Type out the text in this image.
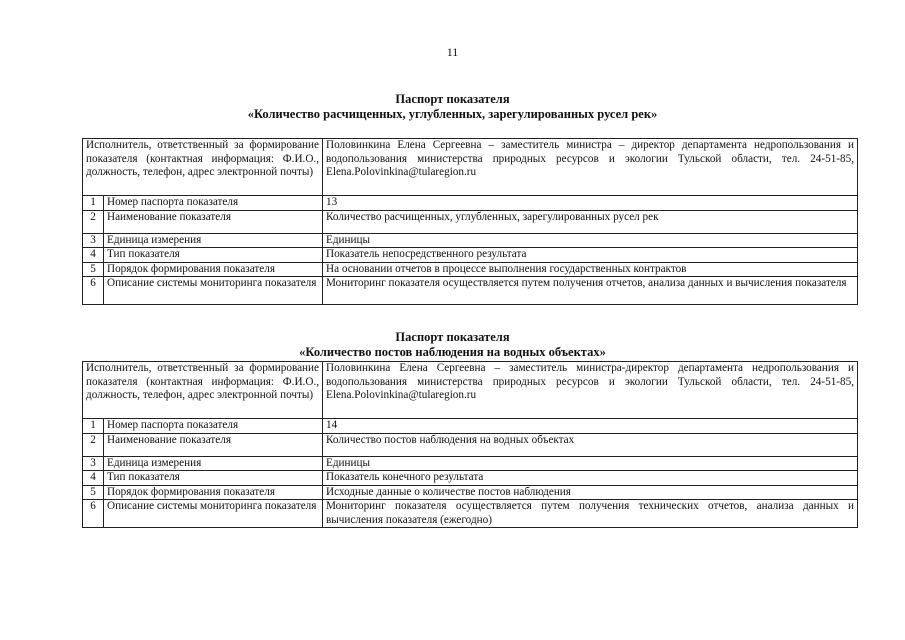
11
Паспорт показателя
«Количество расчищенных, углубленных, зарегулированных русел рек»
Исполнитель, ответственный за формирование показателя (контактная информация: Ф.И.О., должность, телефон, адрес электронной почты)		Половинкина Елена Сергеевна – заместитель министра – директор департамента недропользования и водопользования министерства природных ресурсов и экологии Тульской области, тел. 24-51-85, Elena.Polovinkina@tularegion.ru
1	Номер паспорта показателя	13
2	Наименование показателя	Количество расчищенных, углубленных, зарегулированных русел рек
3	Единица измерения	Единицы
4	Тип показателя	Показатель непосредственного результата
5	Порядок формирования показателя	На основании отчетов в процессе выполнения государственных контрактов
6	Описание системы мониторинга показателя	Мониторинг показателя осуществляется путем получения отчетов, анализа данных и вычисления показателя
Паспорт показателя
«Количество постов наблюдения на водных объектах»
Исполнитель, ответственный за формирование показателя (контактная информация: Ф.И.О., должность, телефон, адрес электронной почты)		Половинкина Елена Сергеевна – заместитель министра-директор департамента недропользования и водопользования министерства природных ресурсов и экологии Тульской области, тел. 24-51-85, Elena.Polovinkina@tularegion.ru
1	Номер паспорта показателя	14
2	Наименование показателя	Количество постов наблюдения на водных объектах
3	Единица измерения	Единицы
4	Тип показателя	Показатель конечного результата
5	Порядок формирования показателя	Исходные данные о количестве постов наблюдения
6	Описание системы мониторинга показателя	Мониторинг показателя осуществляется путем получения технических отчетов, анализа данных и вычисления показателя (ежегодно)
